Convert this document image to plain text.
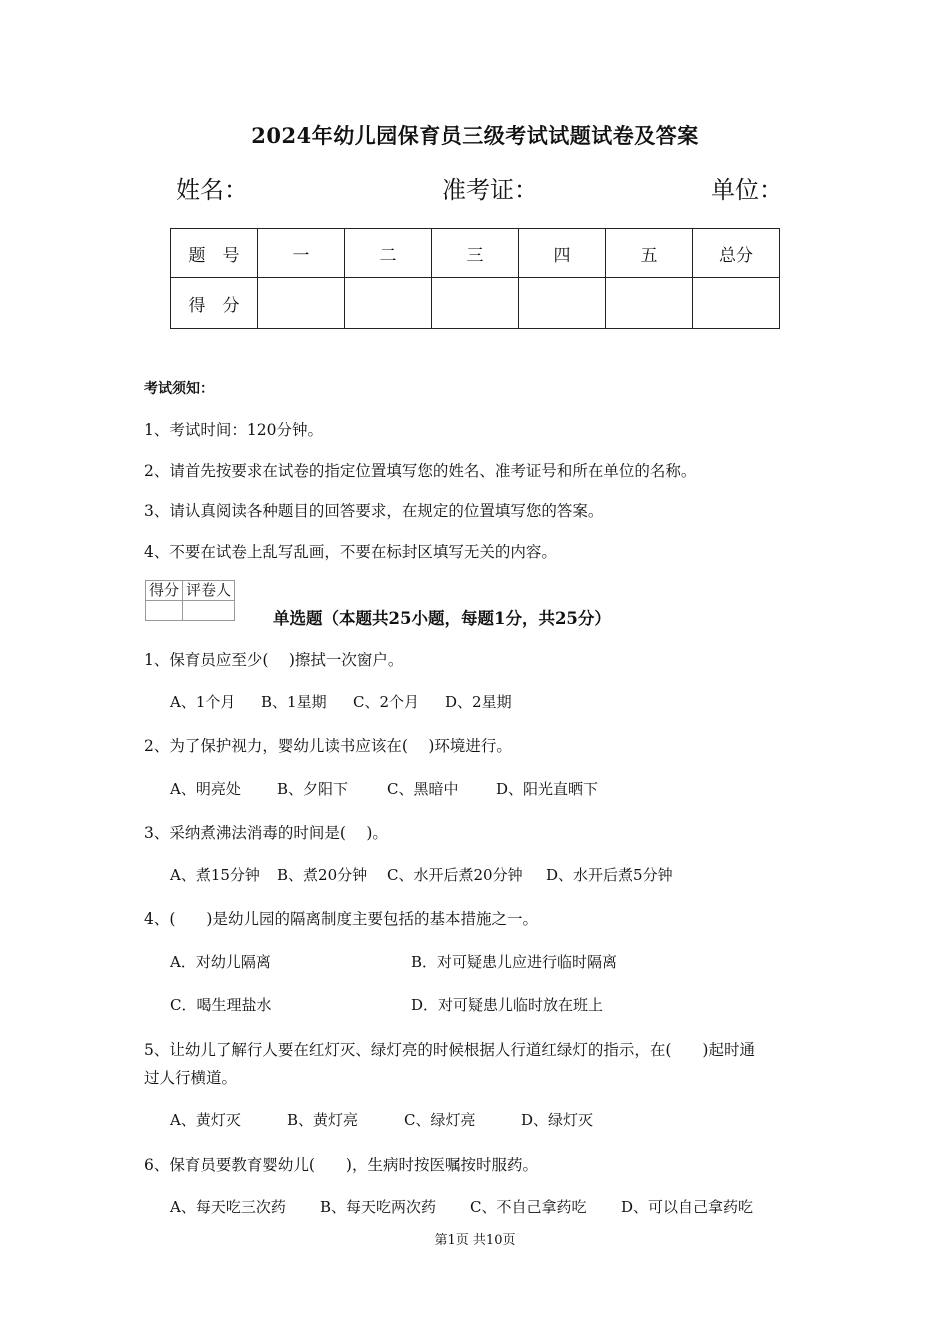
2024年幼儿园保育员三级考试试题试卷及答案
姓名：	准考证：	单位：
题　号	一	二	三	四	五	总分
得　分						
考试须知：
1、考试时间：120分钟。
2、请首先按要求在试卷的指定位置填写您的姓名、准考证号和所在单位的名称。
3、请认真阅读各种题目的回答要求，在规定的位置填写您的答案。
4、不要在试卷上乱写乱画，不要在标封区填写无关的内容。
得分	评卷人

单选题（本题共25小题，每题1分，共25分）
1、保育员应至少(　 )擦拭一次窗户。
A、1个月 B、1星期 C、2个月 D、2星期
2、为了保护视力，婴幼儿读书应该在(　 )环境进行。
A、明亮处 B、夕阳下	C、黑暗中	D、阳光直晒下
3、采纳煮沸法消毒的时间是(　 )。
A、煮15分钟 B、煮20分钟 C、水开后煮20分钟 D、水开后煮5分钟
4、(　　)是幼儿园的隔离制度主要包括的基本措施之一。
A．对幼儿隔离	B．对可疑患儿应进行临时隔离
C．喝生理盐水	D．对可疑患儿临时放在班上
5、让幼儿了解行人要在红灯灭、绿灯亮的时候根据人行道红绿灯的指示，在(　　)起时通
过人行横道。
A、黄灯灭	B、黄灯亮	C、绿灯亮	D、绿灯灭
6、保育员要教育婴幼儿(　　)，生病时按医嘱按时服药。
A、每天吃三次药 B、每天吃两次药 C、不自己拿药吃 D、可以自己拿药吃
第1页 共10页
